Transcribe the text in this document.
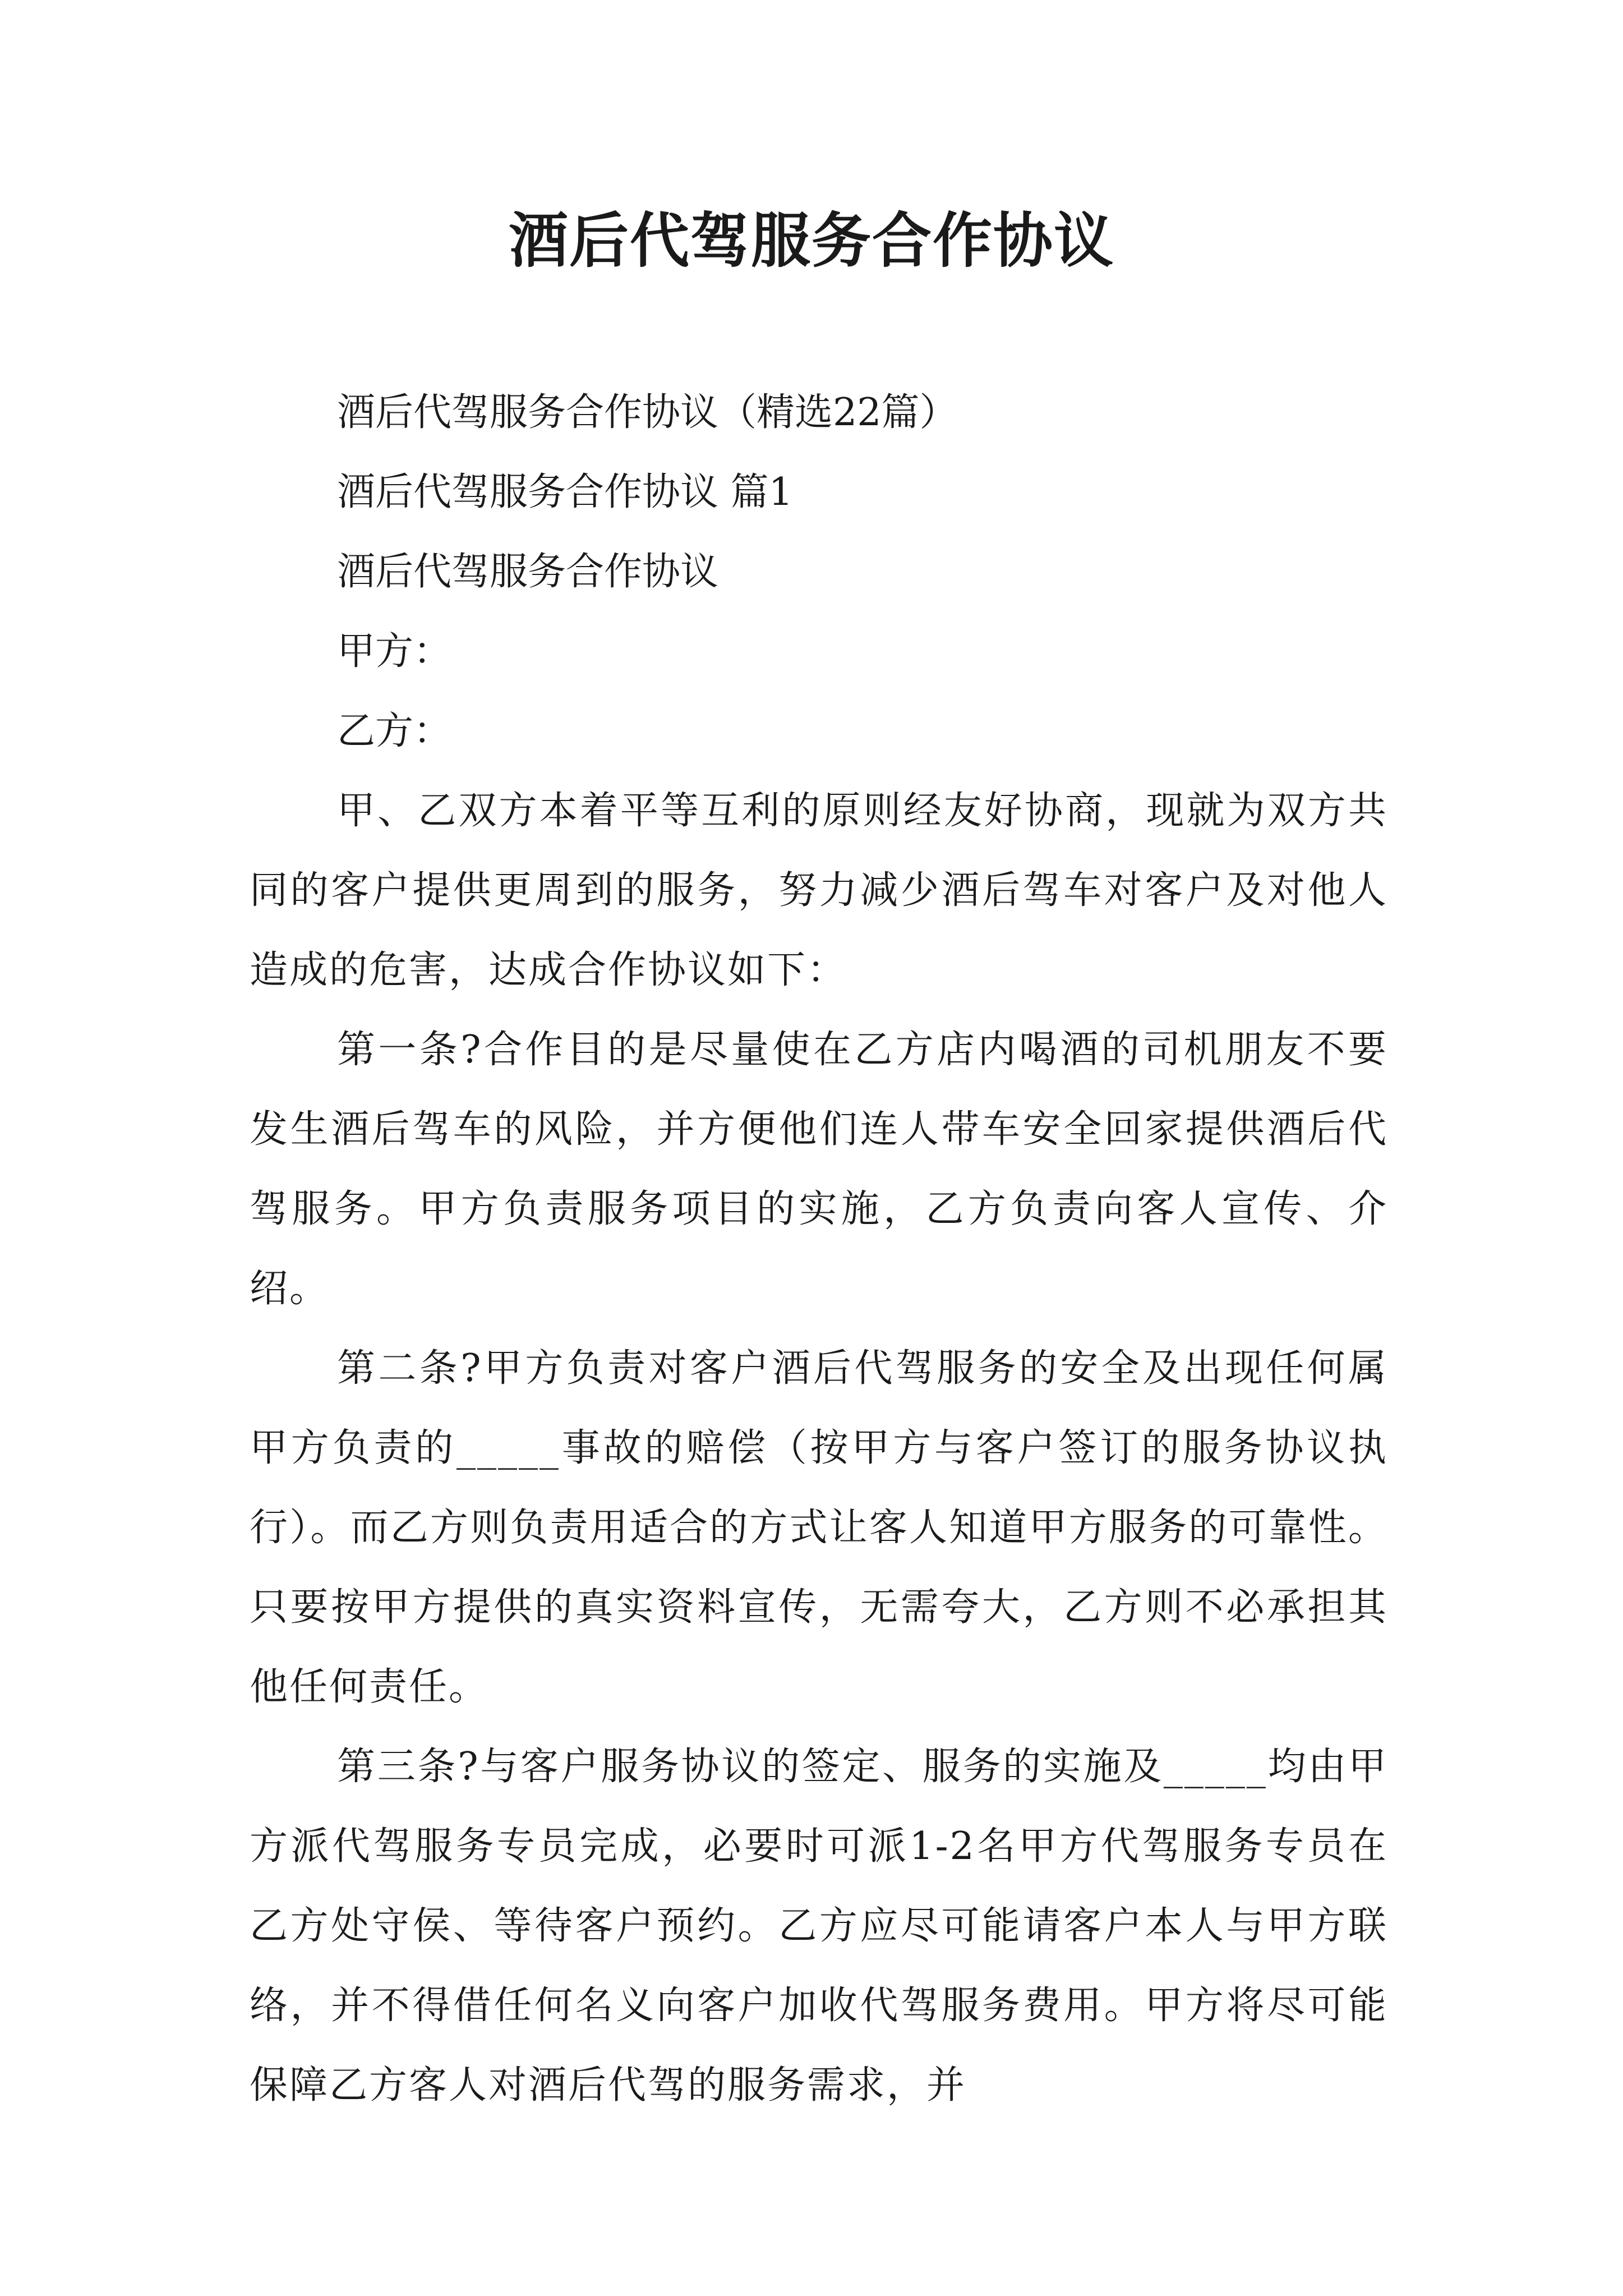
酒后代驾服务合作协议

酒后代驾服务合作协议（精选22篇）

酒后代驾服务合作协议 篇1

酒后代驾服务合作协议

甲方：

乙方：

甲、乙双方本着平等互利的原则经友好协商，现就为双方共同的客户提供更周到的服务，努力减少酒后驾车对客户及对他人造成的危害，达成合作协议如下：

第一条?合作目的是尽量使在乙方店内喝酒的司机朋友不要发生酒后驾车的风险，并方便他们连人带车安全回家提供酒后代驾服务。甲方负责服务项目的实施，乙方负责向客人宣传、介绍。

第二条?甲方负责对客户酒后代驾服务的安全及出现任何属甲方负责的_____事故的赔偿（按甲方与客户签订的服务协议执行）。而乙方则负责用适合的方式让客人知道甲方服务的可靠性。只要按甲方提供的真实资料宣传，无需夸大，乙方则不必承担其他任何责任。

第三条?与客户服务协议的签定、服务的实施及_____均由甲方派代驾服务专员完成，必要时可派1-2名甲方代驾服务专员在乙方处守侯、等待客户预约。乙方应尽可能请客户本人与甲方联络，并不得借任何名义向客户加收代驾服务费用。甲方将尽可能保障乙方客人对酒后代驾的服务需求，并
